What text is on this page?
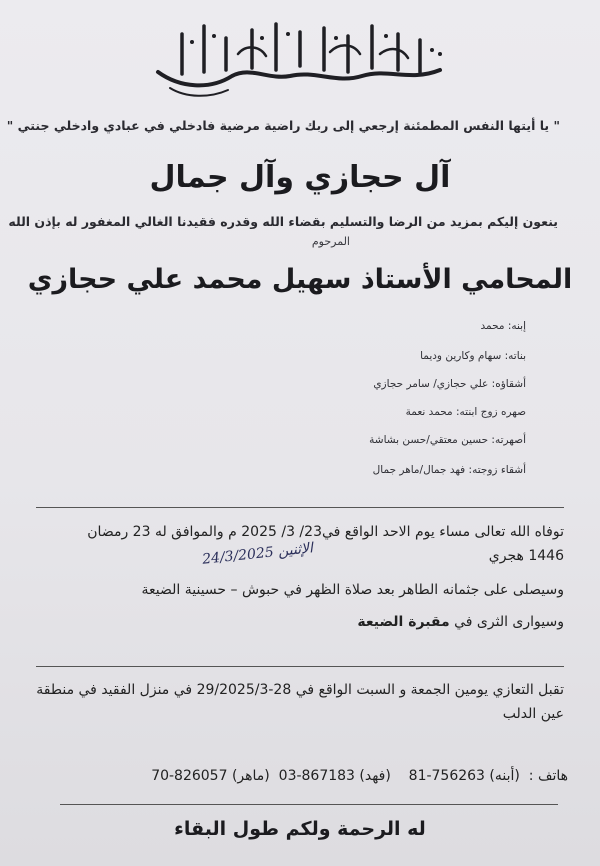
" يا أيتها النفس المطمئنة إرجعي إلى ربك راضية مرضية فادخلي في عبادي وادخلي جنتي "

آل حجازي وآل جمال

ينعون إليكم بمزيد من الرضا والتسليم بقضاء الله وقدره فقيدنا الغالي المغفور له بإذن الله

المرحوم

المحامي الأستاذ سهيل محمد علي حجازي

إبنه: محمد

بناته: سهام وكارين وديما

أشقاؤه: علي حجازي/ سامر حجازي

صهره زوج ابنته: محمد نعمة

أصهرته: حسين معتقي/حسن بشاشة

أشقاء زوجته: فهد جمال/ماهر جمال

توفاه الله تعالى مساء يوم الاحد الواقع في23/ 3/ 2025 م والموافق له 23 رمضان

1446 هجري

الإثنين 24/3/2025

وسيصلى على جثمانه الطاهر بعد صلاة الظهر في حبوش – حسينية الضيعة

وسيوارى الثرى في مقبرة الضيعة

تقبل التعازي يومين الجمعة و السبت الواقع في 28-29/2025/3 في منزل الفقيد في منطقة

عين الدلب

هاتف :  (أبنه) 81-756263    (فهد) 03-867183  (ماهر) 70-826057

له الرحمة ولكم طول البقاء
